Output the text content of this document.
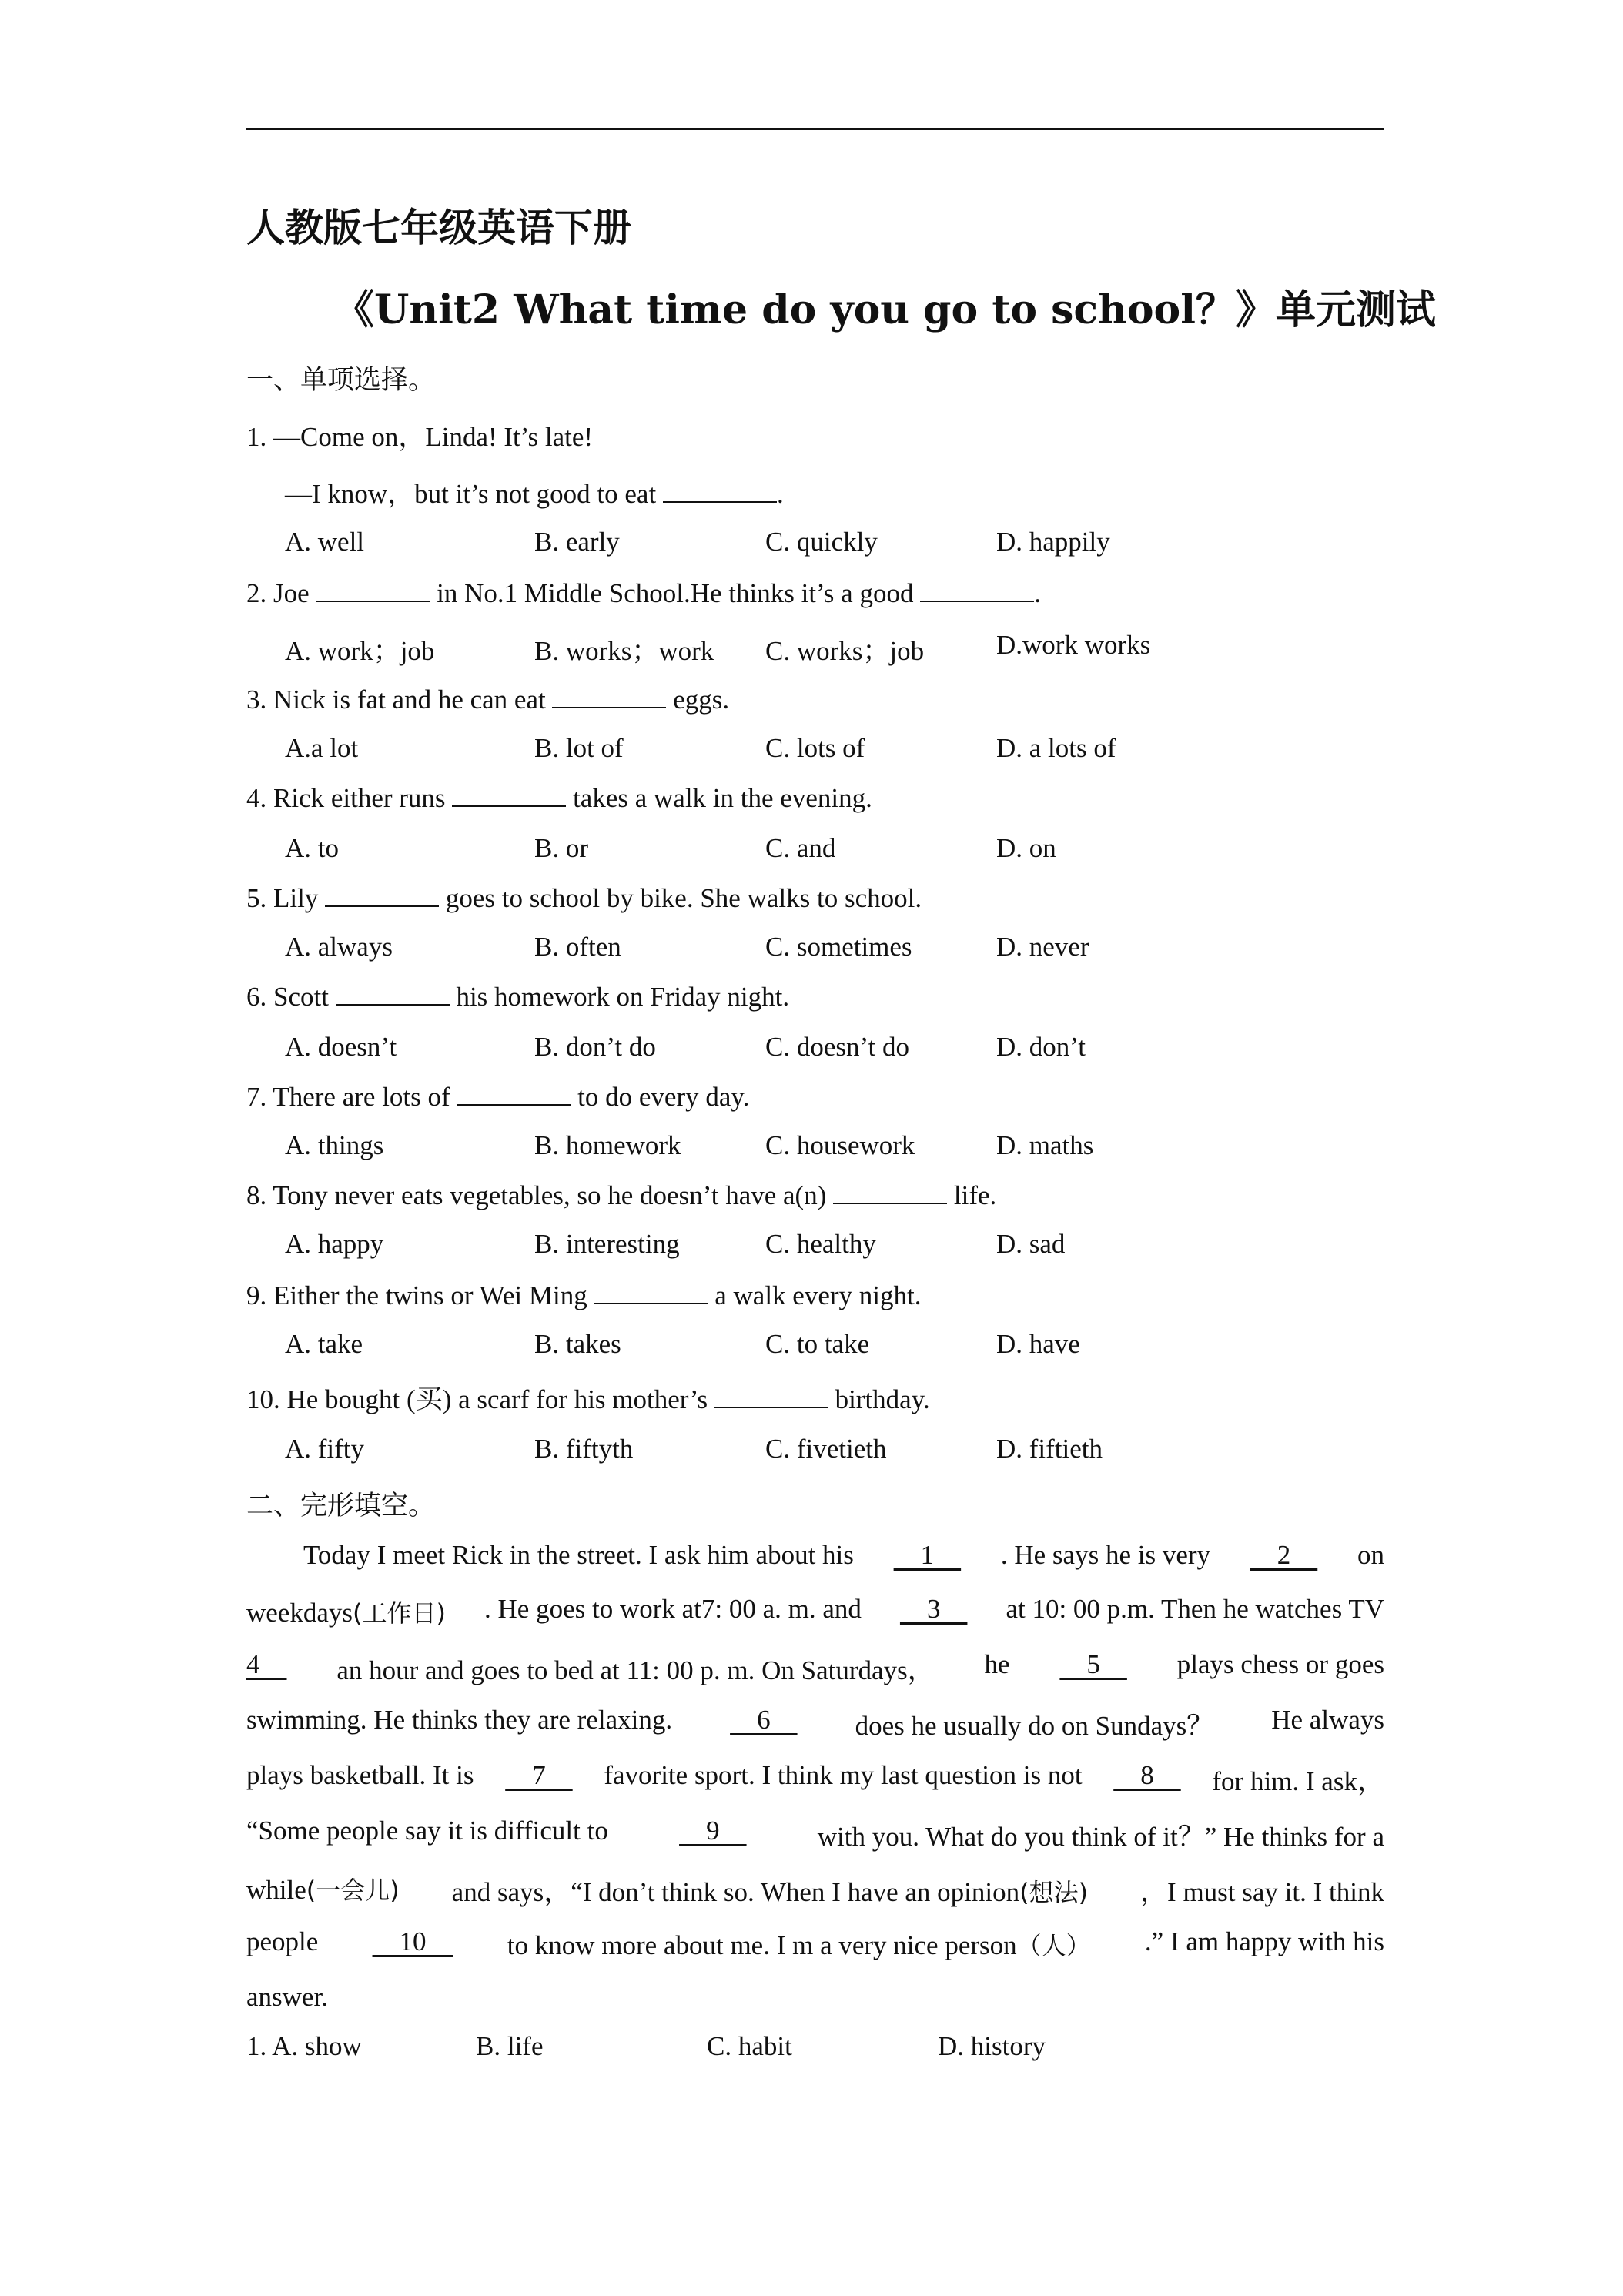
人教版七年级英语下册
《Unit2 What time do you go to school？》单元测试
一、单项选择。
1. —Come on，Linda! It’s late!
—I know，but it’s not good to eat	.
A. well	B. early	C. quickly	D. happily
2. Joe	in No.1 Middle School.He thinks it’s a good	.
A. work；job	B. works；work C. works；job	D.work works
3. Nick is fat and he can eat	eggs.
A.a lot	B. lot of	C. lots of	D. a lots of
4. Rick either runs	takes a walk in the evening.
A. to	B. or	C. and	D. on
5. Lily	goes to school by bike. She walks to school.
A. always	B. often	C. sometimes	D. never
6. Scott	his homework on Friday night.
A. doesn’t	B. don’t do	C. doesn’t do	D. don’t
7. There are lots of	to do every day.
A. things	B. homework	C. housework	D. maths
8. Tony never eats vegetables, so he doesn’t have a(n)	life.
A. happy	B. interesting	C. healthy	D. sad
9. Either the twins or Wei Ming	a walk every night.
A. take	B. takes	C. to take	D. have
10. He bought (买) a scarf for his mother’s	birthday.
A. fifty	B. fiftyth	C. fivetieth	D. fiftieth
二、完形填空。
Today I meet Rick in the street. I ask him about his 1 . He says he is very 2 on
weekdays(工作日) . He goes to work at7: 00 a. m. and 3 at 10: 00 p.m. Then he watches TV
4 an hour and goes to bed at 11: 00 p. m. On Saturdays， he 5 plays chess or goes
swimming. He thinks they are relaxing. 6 does he usually do on Sundays？ He always
plays basketball. It is 7 favorite sport. I think my last question is not 8 for him. I ask，
“Some people say it is difficult to	9	with you. What do you think of it？” He thinks for a
while(一会儿) and says，“I don’t think so. When I have an opinion(想法) ，I must say it. I think
people 10 to know more about me. I m a very nice person（人） .” I am happy with his
answer.
1. A. show	B. life	C. habit	D. history
